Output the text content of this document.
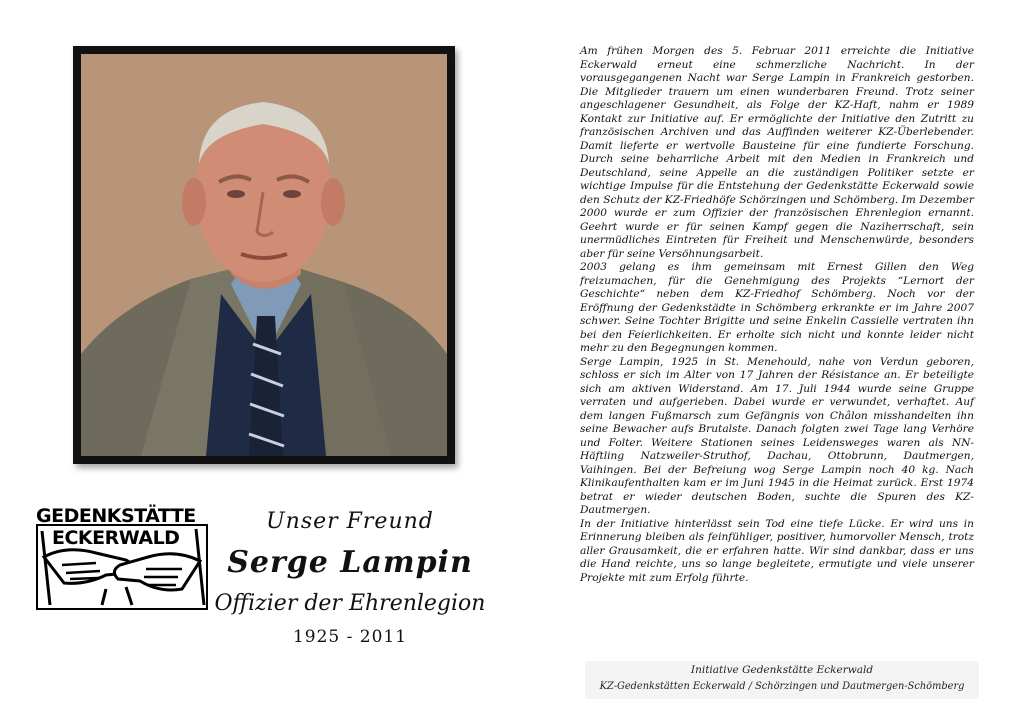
GEDENKSTÄTTE
ECKERWALD
Unser Freund
Serge Lampin
Offizier der Ehrenlegion
1925 - 2011

Am frühen Morgen des 5. Februar 2011 erreichte die Initiative Eckerwald erneut eine schmerzliche Nachricht. In der vorausgegangenen Nacht war Serge Lampin in Frankreich gestorben. Die Mitglieder trauern um einen wunderbaren Freund. Trotz seiner angeschlagener Gesundheit, als Folge der KZ-Haft, nahm er 1989 Kontakt zur Initiative auf. Er ermöglichte der Initiative den Zutritt zu französischen Archiven und das Auffinden weiterer KZ-Überlebender. Damit lieferte er wertvolle Bausteine für eine fundierte Forschung. Durch seine beharrliche Arbeit mit den Medien in Frankreich und Deutschland, seine Appelle an die zuständigen Politiker setzte er wichtige Impulse für die Entstehung der Gedenkstätte Eckerwald sowie den Schutz der KZ-Friedhöfe Schörzingen und Schömberg. Im Dezember 2000 wurde er zum Offizier der französischen Ehrenlegion ernannt. Geehrt wurde er für seinen Kampf gegen die Naziherrschaft, sein unermüdliches Eintreten für Freiheit und Menschenwürde, besonders aber für seine Versöhnungsarbeit.

2003 gelang es ihm gemeinsam mit Ernest Gillen den Weg freizumachen, für die Genehmigung des Projekts “Lernort der Geschichte“ neben dem KZ-Friedhof Schömberg. Noch vor der Eröffnung der Gedenkstädte in Schömberg erkrankte er im Jahre 2007 schwer. Seine Tochter Brigitte und seine Enkelin Cassielle vertraten ihn bei den Feierlichkeiten. Er erholte sich nicht und konnte leider nicht mehr zu den Begegnungen kommen.

Serge Lampin, 1925 in St. Menehould, nahe von Verdun geboren, schloss er sich im Alter von 17 Jahren der Résistance an. Er beteiligte sich am aktiven Widerstand. Am 17. Juli 1944 wurde seine Gruppe verraten und aufgerieben. Dabei wurde er verwundet, verhaftet. Auf dem langen Fußmarsch zum Gefängnis von Châlon misshandelten ihn seine Bewacher aufs Brutalste. Danach folgten zwei Tage lang Verhöre und Folter. Weitere Stationen seines Leidensweges waren als NN-Häftling Natzweiler-Struthof, Dachau, Ottobrunn, Dautmergen, Vaihingen. Bei der Befreiung wog Serge Lampin noch 40 kg. Nach Klinikaufenthalten kam er im Juni 1945 in die Heimat zurück. Erst 1974 betrat er wieder deutschen Boden, suchte die Spuren des KZ-Dautmergen.

In der Initiative hinterlässt sein Tod eine tiefe Lücke. Er wird uns in Erinnerung bleiben als feinfühliger, positiver, humorvoller Mensch, trotz aller Grausamkeit, die er erfahren hatte. Wir sind dankbar, dass er uns die Hand reichte, uns so lange begleitete, ermutigte und viele unserer Projekte mit zum Erfolg führte.

Initiative Gedenkstätte Eckerwald
KZ-Gedenkstätten Eckerwald / Schörzingen und Dautmergen-Schömberg
